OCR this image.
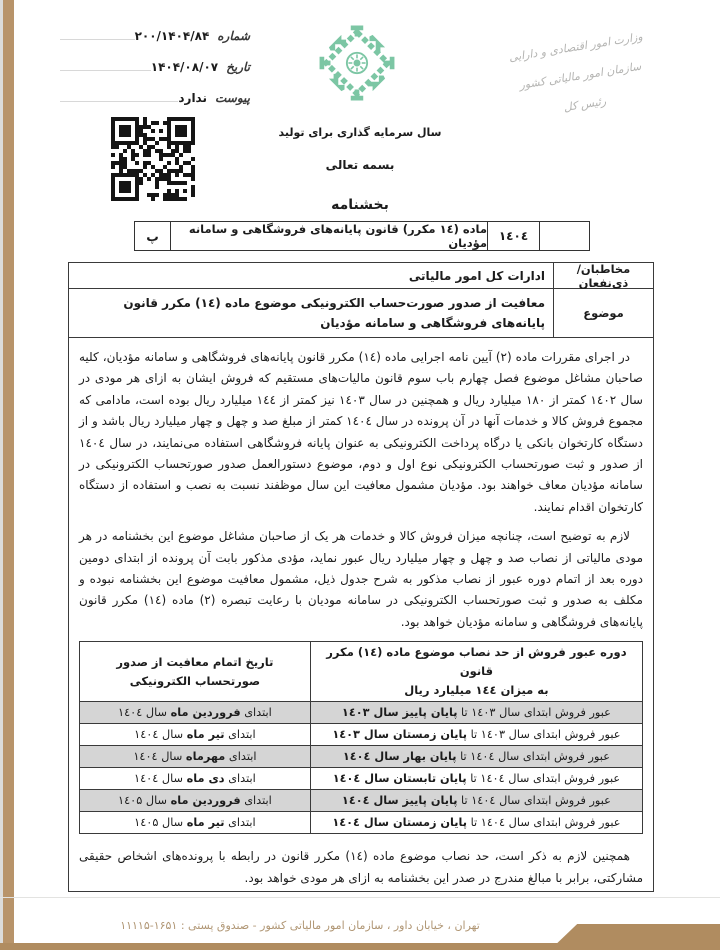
شماره
۲۰۰/۱۴۰۴/۸۴
تاریخ
۱۴۰۴/۰۸/۰۷
پیوست
ندارد
وزارت امور اقتصادی و دارایی
سازمان امور مالیاتی کشور
رئیس کل
سال سرمایه گذاری برای تولید
بسمه تعالی
بخشنامه
۱٤۰٤
ماده (۱٤ مکرر) قانون پایانه‌های فروشگاهی و سامانه مؤدیان
پ
مخاطبان/ذی‌نفعان
ادارات کل امور مالیاتی
موضوع
معافیت از صدور صورت‌حساب الکترونیکی موضوع ماده (۱٤) مکرر قانون پایانه‌های فروشگاهی و سامانه مؤدیان

در اجرای مقررات ماده (۲) آیین نامه اجرایی ماده (۱٤) مکرر قانون پایانه‌های فروشگاهی و سامانه مؤدیان، کلیه صاحبان مشاغل موضوع فصل چهارم باب سوم قانون مالیات‌های مستقیم که فروش ایشان به ازای هر مودی در سال ۱٤۰۲ کمتر از ۱۸۰ میلیارد ریال و همچنین در سال ۱٤۰۳ نیز کمتر از ۱٤٤ میلیارد ریال بوده است، مادامی که مجموع فروش کالا و خدمات آنها در آن پرونده در سال ۱٤۰٤ کمتر از مبلغ صد و چهل و چهار میلیارد ریال باشد و از دستگاه کارتخوان بانکی یا درگاه پرداخت الکترونیکی به عنوان پایانه فروشگاهی استفاده می‌نمایند، در سال ۱٤۰٤ از صدور و ثبت صورتحساب الکترونیکی نوع اول و دوم، موضوع دستورالعمل صدور صورتحساب الکترونیکی در سامانه مؤدیان معاف خواهند بود. مؤدیان مشمول معافیت این سال موظفند نسبت به نصب و استفاده از دستگاه کارتخوان اقدام نمایند.

لازم به توضیح است، چنانچه میزان فروش کالا و خدمات هر یک از صاحبان مشاغل موضوع این بخشنامه در هر مودی مالیاتی از نصاب صد و چهل و چهار میلیارد ریال عبور نماید، مؤدی مذکور بابت آن پرونده از ابتدای دومین دوره بعد از اتمام دوره عبور از نصاب مذکور به شرح جدول ذیل، مشمول معافیت موضوع این بخشنامه نبوده و مکلف به صدور و ثبت صورتحساب الکترونیکی در سامانه مودیان با رعایت تبصره (۲) ماده (۱٤) مکرر قانون پایانه‌های فروشگاهی و سامانه مؤدیان خواهد بود.

دوره عبور فروش از حد نصاب موضوع ماده (۱٤) مکرر قانون
به میزان ۱٤٤ میلیارد ریال	تاریخ اتمام معافیت از صدور
صورتحساب الکترونیکی

عبور فروش ابتدای سال ۱٤۰۳ تا پایان پاییز سال ۱٤۰۳	ابتدای فروردین ماه سال ۱٤۰٤
عبور فروش ابتدای سال ۱٤۰۳ تا پایان زمستان سال ۱٤۰۳	ابتدای تیر ماه سال ۱٤۰٤
عبور فروش ابتدای سال ۱٤۰٤ تا پایان بهار سال ۱٤۰٤	ابتدای مهرماه سال ۱٤۰٤
عبور فروش ابتدای سال ۱٤۰٤ تا پایان تابستان سال ۱٤۰٤	ابتدای دی ماه سال ۱٤۰٤
عبور فروش ابتدای سال ۱٤۰٤ تا پایان پاییز سال ۱٤۰٤	ابتدای فروردین ماه سال ۱٤۰۵
عبور فروش ابتدای سال ۱٤۰٤ تا پایان زمستان سال ۱٤۰٤	ابتدای تیر ماه سال ۱٤۰۵

همچنین لازم به ذکر است، حد نصاب موضوع ماده (۱٤) مکرر قانون در رابطه با پرونده‌های اشخاص حقیقی مشارکتی، برابر با مبالغ مندرج در صدر این بخشنامه به ازای هر مودی خواهد بود.

تهران ، خیابان داور ، سازمان امور مالیاتی کشور - صندوق پستی : ۱۱۱۱۵-۱۶۵۱
